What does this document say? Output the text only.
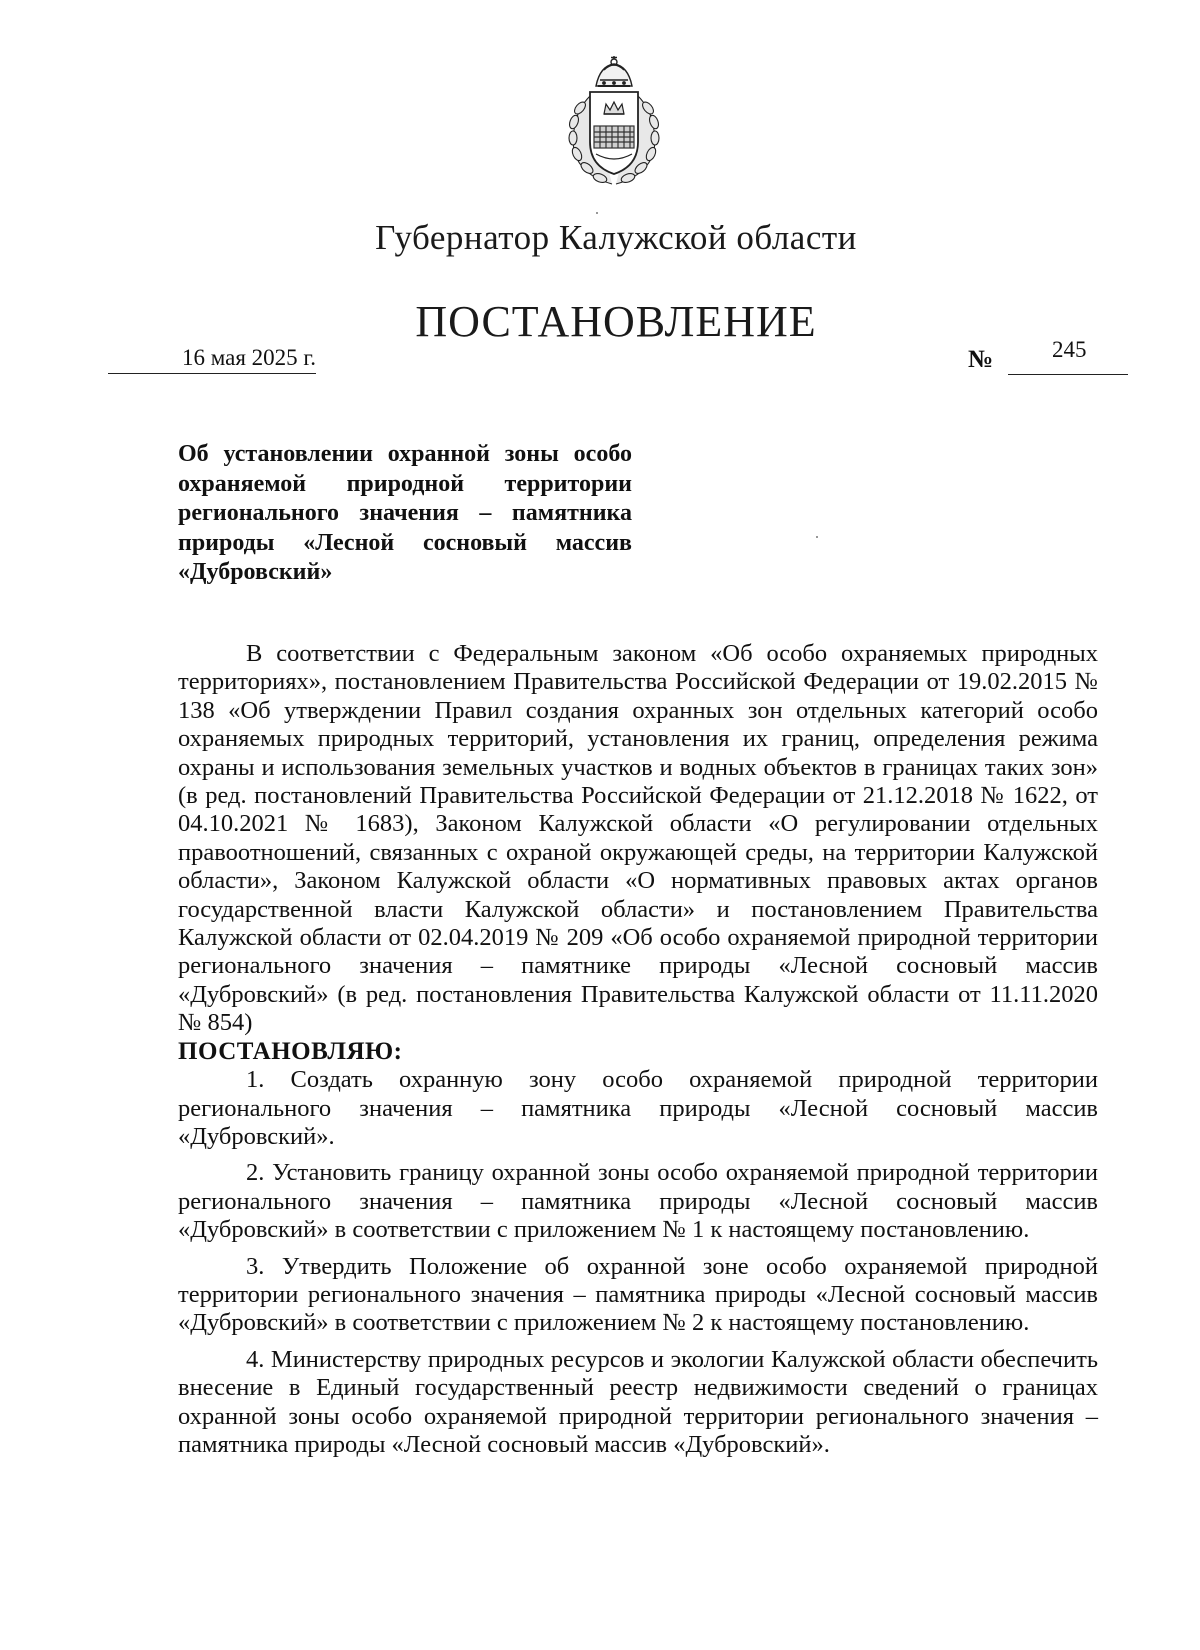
Губернатор Калужской области
ПОСТАНОВЛЕНИЕ
16 мая 2025 г.	№	245
Об установлении охранной зоны особо
охраняемой природной территории
регионального значения – памятника
природы «Лесной сосновый массив
«Дубровский»

В соответствии с Федеральным законом «Об особо охраняемых природных территориях», постановлением Правительства Российской Федерации от 19.02.2015 № 138 «Об утверждении Правил создания охранных зон отдельных категорий особо охраняемых природных территорий, установления их границ, определения режима охраны и использования земельных участков и водных объектов в границах таких зон» (в ред. постановлений Правительства Российской Федерации от 21.12.2018 № 1622, от 04.10.2021 № 1683), Законом Калужской области «О регулировании отдельных правоотношений, связанных с охраной окружающей среды, на территории Калужской области», Законом Калужской области «О нормативных правовых актах органов государственной власти Калужской области» и постановлением Правительства Калужской области от 02.04.2019 № 209 «Об особо охраняемой природной территории регионального значения – памятнике природы «Лесной сосновый массив «Дубровский» (в ред. постановления Правительства Калужской области от 11.11.2020 № 854)

ПОСТАНОВЛЯЮ:

1. Создать охранную зону особо охраняемой природной территории регионального значения – памятника природы «Лесной сосновый массив «Дубровский».

2. Установить границу охранной зоны особо охраняемой природной территории регионального значения – памятника природы «Лесной сосновый массив «Дубровский» в соответствии с приложением № 1 к настоящему постановлению.

3. Утвердить Положение об охранной зоне особо охраняемой природной территории регионального значения – памятника природы «Лесной сосновый массив «Дубровский» в соответствии с приложением № 2 к настоящему постановлению.

4. Министерству природных ресурсов и экологии Калужской области обеспечить внесение в Единый государственный реестр недвижимости сведений о границах охранной зоны особо охраняемой природной территории регионального значения – памятника природы «Лесной сосновый массив «Дубровский».
